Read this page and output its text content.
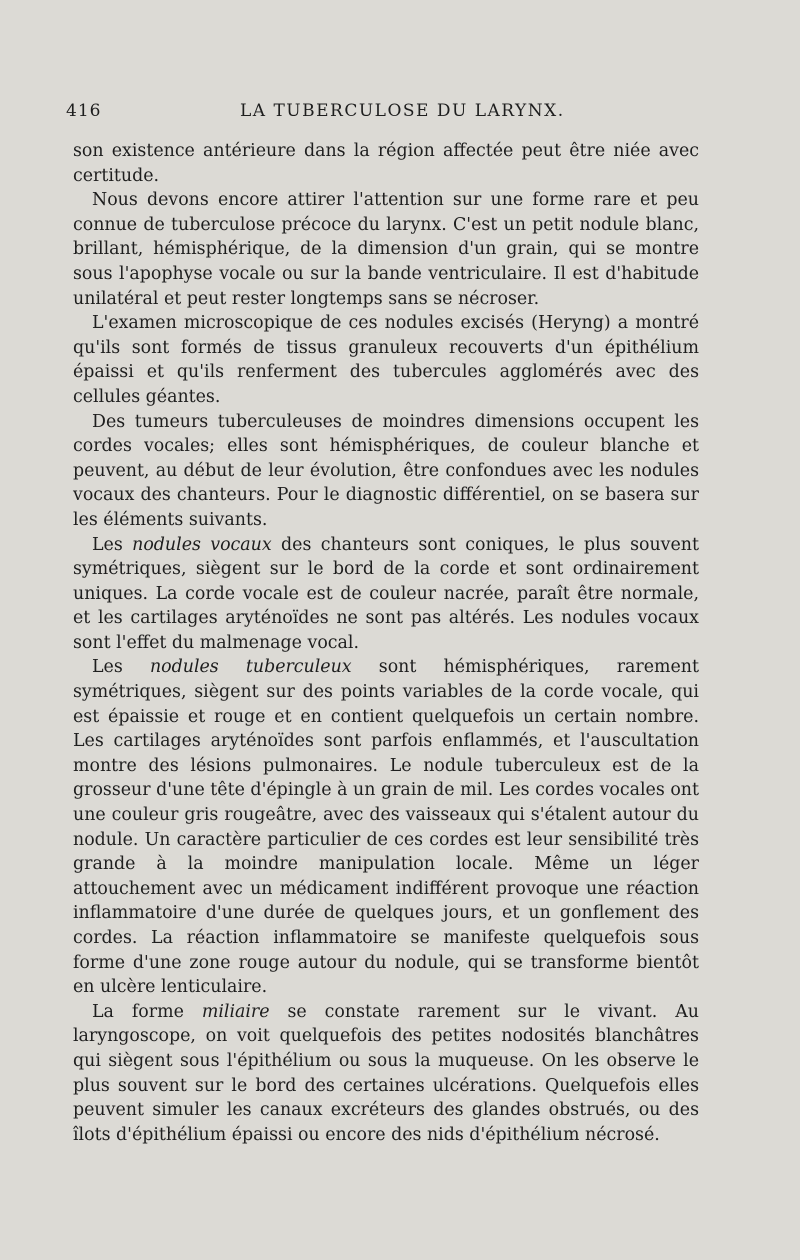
416	LA TUBERCULOSE DU LARYNX.

son existence antérieure dans la région affectée peut être niée avec certitude.

Nous devons encore attirer l'attention sur une forme rare et peu connue de tuberculose précoce du larynx. C'est un petit nodule blanc, brillant, hémisphérique, de la dimension d'un grain, qui se montre sous l'apophyse vocale ou sur la bande ventriculaire. Il est d'habitude unilatéral et peut rester longtemps sans se nécroser.

L'examen microscopique de ces nodules excisés (Heryng) a montré qu'ils sont formés de tissus granuleux recouverts d'un épithélium épaissi et qu'ils renferment des tubercules agglomérés avec des cellules géantes.

Des tumeurs tuberculeuses de moindres dimensions occupent les cordes vocales; elles sont hémisphériques, de couleur blanche et peuvent, au début de leur évolution, être confondues avec les nodules vocaux des chanteurs. Pour le diagnostic différentiel, on se basera sur les éléments suivants.

Les nodules vocaux des chanteurs sont coniques, le plus souvent symétriques, siègent sur le bord de la corde et sont ordinairement uniques. La corde vocale est de couleur nacrée, paraît être normale, et les cartilages aryténoïdes ne sont pas altérés. Les nodules vocaux sont l'effet du malmenage vocal.

Les nodules tuberculeux sont hémisphériques, rarement symétriques, siègent sur des points variables de la corde vocale, qui est épaissie et rouge et en contient quelquefois un certain nombre. Les cartilages aryténoïdes sont parfois enflammés, et l'auscultation montre des lésions pulmonaires. Le nodule tuberculeux est de la grosseur d'une tête d'épingle à un grain de mil. Les cordes vocales ont une couleur gris rougeâtre, avec des vaisseaux qui s'étalent autour du nodule. Un caractère particulier de ces cordes est leur sensibilité très grande à la moindre manipulation locale. Même un léger attouchement avec un médicament indifférent provoque une réaction inflammatoire d'une durée de quelques jours, et un gonflement des cordes. La réaction inflammatoire se manifeste quelquefois sous forme d'une zone rouge autour du nodule, qui se transforme bientôt en ulcère lenticulaire.

La forme miliaire se constate rarement sur le vivant. Au laryngoscope, on voit quelquefois des petites nodosités blanchâtres qui siègent sous l'épithélium ou sous la muqueuse. On les observe le plus souvent sur le bord des certaines ulcérations. Quelquefois elles peuvent simuler les canaux excréteurs des glandes obstrués, ou des îlots d'épithélium épaissi ou encore des nids d'épithélium nécrosé.
